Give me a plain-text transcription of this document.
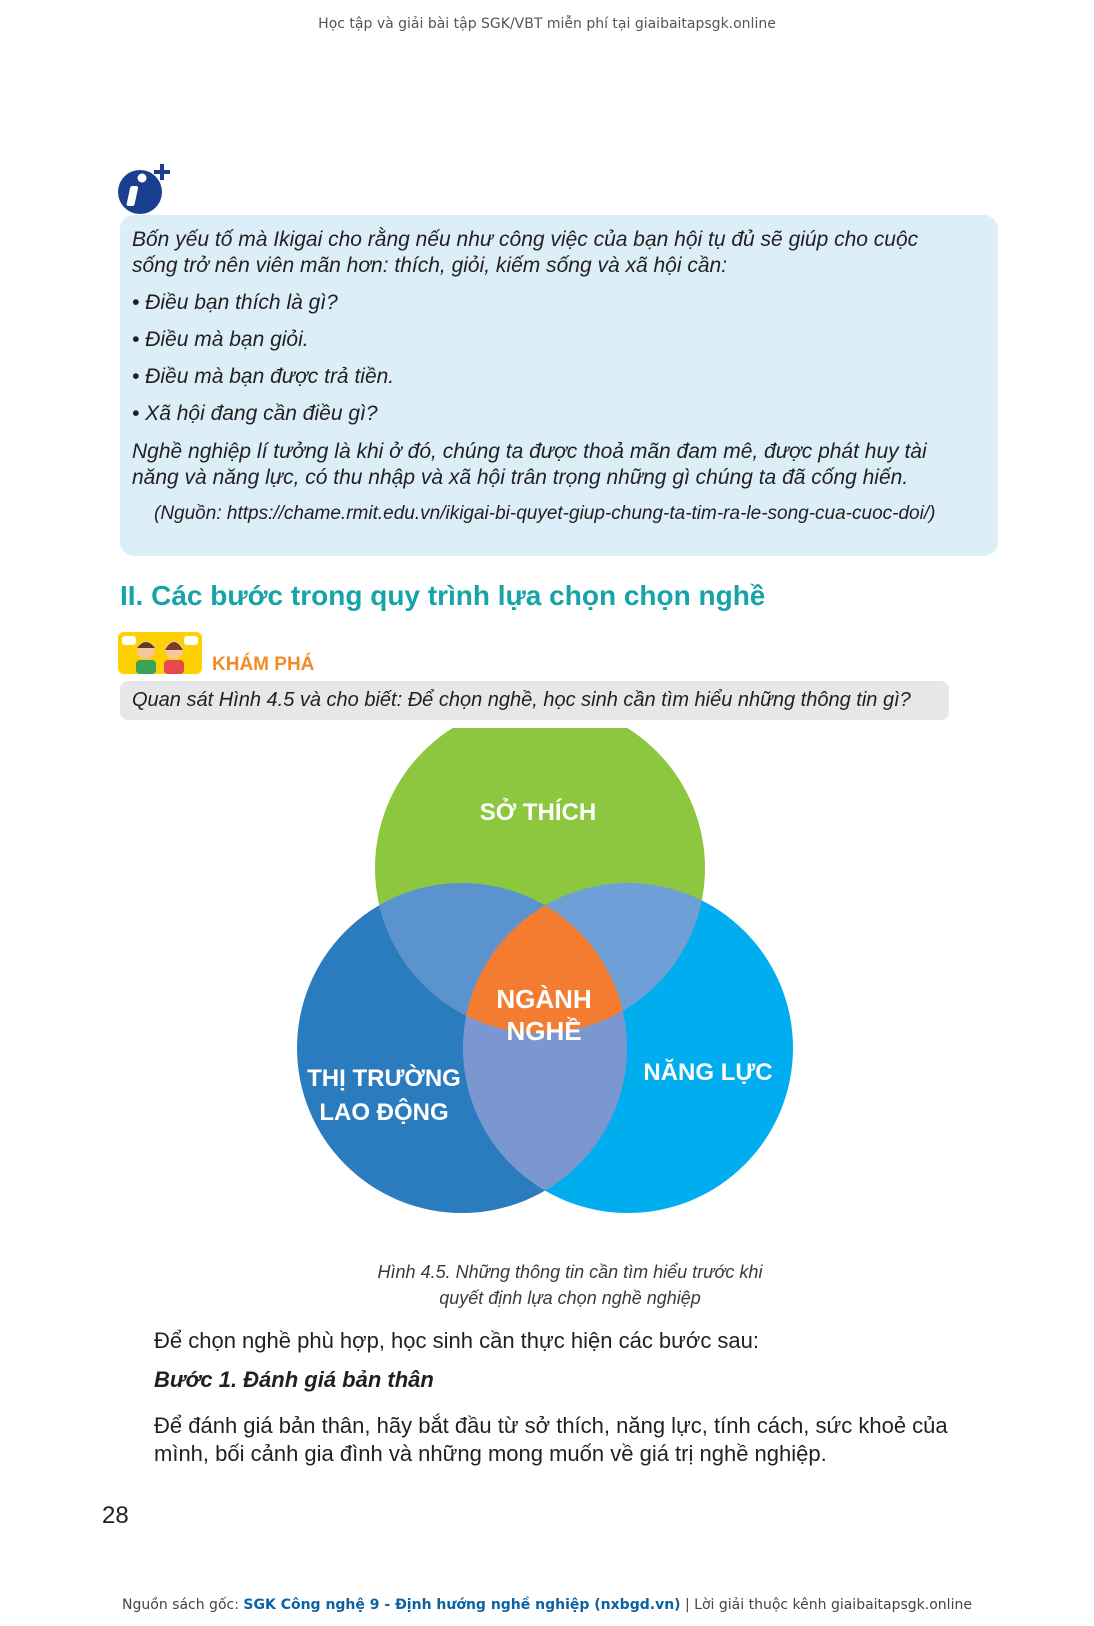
Học tập và giải bài tập SGK/VBT miễn phí tại giaibaitapsgk.online
Bốn yếu tố mà Ikigai cho rằng nếu như công việc của bạn hội tụ đủ sẽ giúp cho cuộc
sống trở nên viên mãn hơn: thích, giỏi, kiếm sống và xã hội cần:
• Điều bạn thích là gì?
• Điều mà bạn giỏi.
• Điều mà bạn được trả tiền.
• Xã hội đang cần điều gì?
Nghề nghiệp lí tưởng là khi ở đó, chúng ta được thoả mãn đam mê, được phát huy tài
năng và năng lực, có thu nhập và xã hội trân trọng những gì chúng ta đã cống hiến.
(Nguồn: https://chame.rmit.edu.vn/ikigai-bi-quyet-giup-chung-ta-tim-ra-le-song-cua-cuoc-doi/)
II. Các bước trong quy trình lựa chọn chọn nghề
KHÁM PHÁ
Quan sát Hình 4.5 và cho biết: Để chọn nghề, học sinh cần tìm hiểu những thông tin gì?
SỞ THÍCH
NGÀNH
NGHỀ
THỊ TRƯỜNG
LAO ĐỘNG
NĂNG LỰC
Hình 4.5. Những thông tin cần tìm hiểu trước khi
quyết định lựa chọn nghề nghiệp
Để chọn nghề phù hợp, học sinh cần thực hiện các bước sau:
Bước 1. Đánh giá bản thân
Để đánh giá bản thân, hãy bắt đầu từ sở thích, năng lực, tính cách, sức khoẻ của
mình, bối cảnh gia đình và những mong muốn về giá trị nghề nghiệp.
28
Nguồn sách gốc: SGK Công nghệ 9 - Định hướng nghề nghiệp (nxbgd.vn) | Lời giải thuộc kênh giaibaitapsgk.online
